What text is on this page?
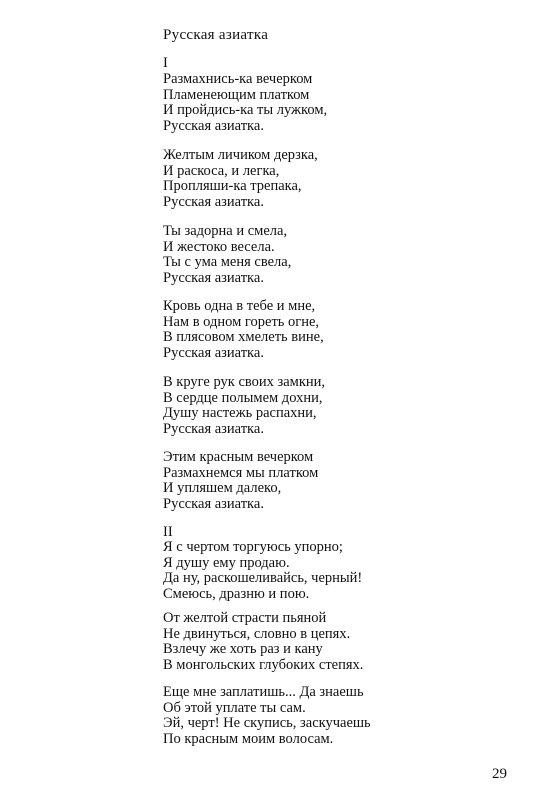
Русская азиатка
I
Размахнись-ка вечерком
Пламенеющим платком
И пройдись-ка ты лужком,
Русская азиатка.
Желтым личиком дерзка,
И раскоса, и легка,
Пропляши-ка трепака,
Русская азиатка.
Ты задорна и смела,
И жестоко весела.
Ты с ума меня свела,
Русская азиатка.
Кровь одна в тебе и мне,
Нам в одном гореть огне,
В плясовом хмелеть вине,
Русская азиатка.
В круге рук своих замкни,
В сердце полымем дохни,
Душу настежь распахни,
Русская азиатка.
Этим красным вечерком
Размахнемся мы платком
И упляшем далеко,
Русская азиатка.
II
Я с чертом торгуюсь упорно;
Я душу ему продаю.
Да ну, раскошеливайсь, черный!
Смеюсь, дразню и пою.
От желтой страсти пьяной
Не двинуться, словно в цепях.
Взлечу же хоть раз и кану
В монгольских глубоких степях.
Еще мне заплатишь... Да знаешь
Об этой уплате ты сам.
Эй, черт! Не скупись, заскучаешь
По красным моим волосам.
29
